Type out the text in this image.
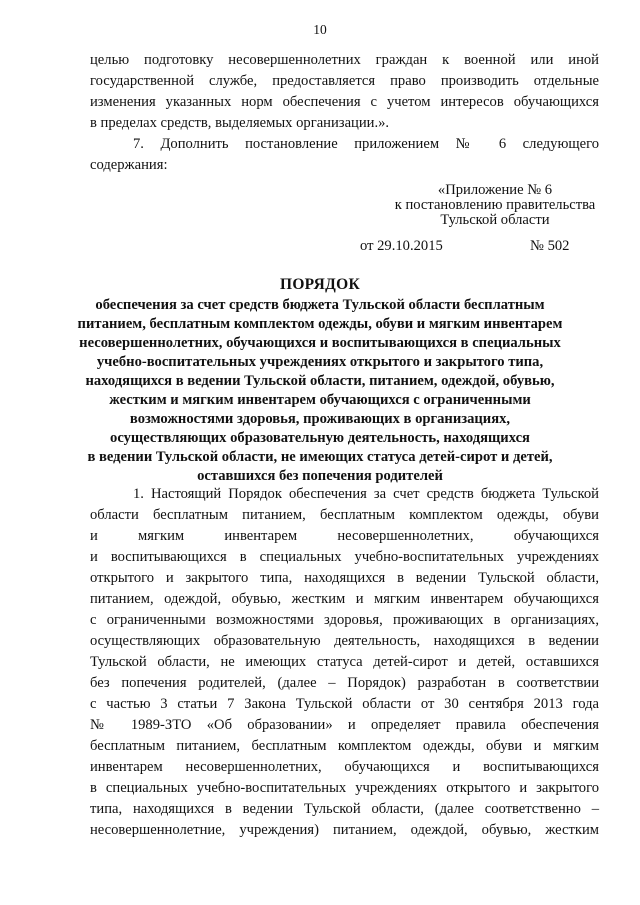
10
целью подготовку несовершеннолетних граждан к военной или иной
государственной службе, предоставляется право производить отдельные
изменения указанных норм обеспечения с учетом интересов обучающихся
в пределах средств, выделяемых организации.».
7. Дополнить постановление приложением № 6 следующего
содержания:
«Приложение № 6
к постановлению правительства
Тульской области
от 29.10.2015	№ 502
ПОРЯДОК
обеспечения за счет средств бюджета Тульской области бесплатным
питанием, бесплатным комплектом одежды, обуви и мягким инвентарем
несовершеннолетних, обучающихся и воспитывающихся в специальных
учебно-воспитательных учреждениях открытого и закрытого типа,
находящихся в ведении Тульской области, питанием, одеждой, обувью,
жестким и мягким инвентарем обучающихся с ограниченными
возможностями здоровья, проживающих в организациях,
осуществляющих образовательную деятельность, находящихся
в ведении Тульской области, не имеющих статуса детей-сирот и детей,
оставшихся без попечения родителей
1. Настоящий Порядок обеспечения за счет средств бюджета Тульской
области бесплатным питанием, бесплатным комплектом одежды, обуви
и мягким инвентарем несовершеннолетних, обучающихся
и воспитывающихся в специальных учебно-воспитательных учреждениях
открытого и закрытого типа, находящихся в ведении Тульской области,
питанием, одеждой, обувью, жестким и мягким инвентарем обучающихся
с ограниченными возможностями здоровья, проживающих в организациях,
осуществляющих образовательную деятельность, находящихся в ведении
Тульской области, не имеющих статуса детей-сирот и детей, оставшихся
без попечения родителей, (далее – Порядок) разработан в соответствии
с частью 3 статьи 7 Закона Тульской области от 30 сентября 2013 года
№ 1989-ЗТО «Об образовании» и определяет правила обеспечения
бесплатным питанием, бесплатным комплектом одежды, обуви и мягким
инвентарем несовершеннолетних, обучающихся и воспитывающихся
в специальных учебно-воспитательных учреждениях открытого и закрытого
типа, находящихся в ведении Тульской области, (далее соответственно –
несовершеннолетние, учреждения) питанием, одеждой, обувью, жестким
